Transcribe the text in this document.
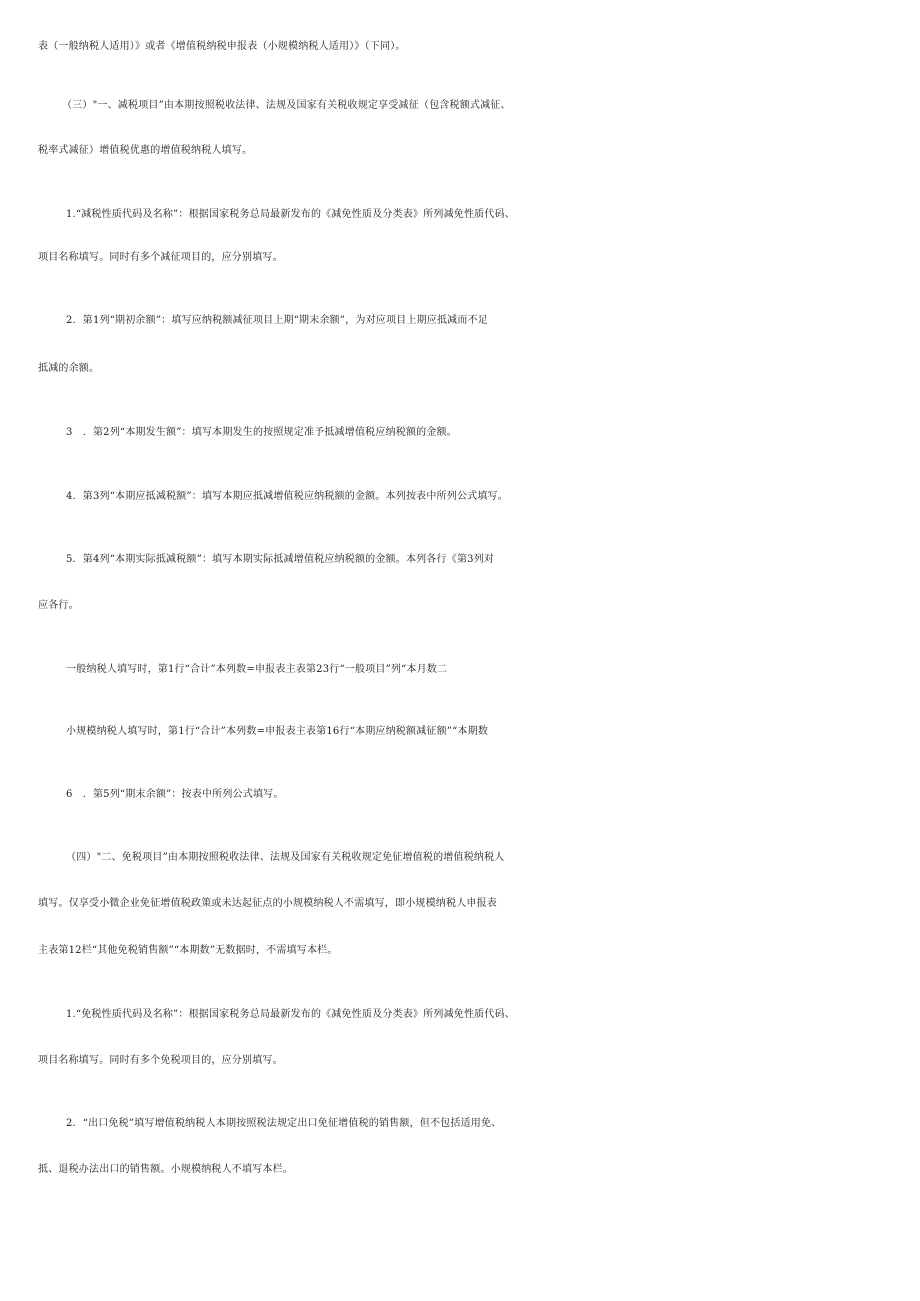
表（一般纳税人适用）》或者《增值税纳税申报表（小规模纳税人适用）》（下同）。
（三）"一、减税项目”由本期按照税收法律、法规及国家有关税收规定享受减征（包含税额式减征、
税率式减征）增值税优惠的增值税纳税人填写。
1.“减税性质代码及名称”：根据国家税务总局最新发布的《减免性质及分类表》所列减免性质代码、
项目名称填写。同时有多个减征项目的，应分别填写。
2．第1列“期初余额”：填写应纳税额减征项目上期“期末余额”，为对应项目上期应抵减而不足
抵减的余额。
3　．第2列“本期发生额”：填写本期发生的按照规定准予抵减增值税应纳税额的金额。
4．第3列“本期应抵减税额”：填写本期应抵减增值税应纳税额的金额。本列按表中所列公式填写。
5．第4列“本期实际抵减税额”：填写本期实际抵减增值税应纳税额的金额。本列各行《第3列对
应各行。
一般纳税人填写时，第1行“合计”本列数=申报表主表第23行“一般项目”列“本月数二
小规模纳税人填写时，第1行“合计”本列数=申报表主表第16行“本期应纳税额减征额”“本期数
6　．第5列“期末余额”：按表中所列公式填写。
（四）"二、免税项目”由本期按照税收法律、法规及国家有关税收规定免征增值税的增值税纳税人
填写。仅享受小微企业免征增值税政策或未达起征点的小规模纳税人不需填写，即小规模纳税人申报表
主表第12栏“其他免税销售额”“本期数”无数据时，不需填写本栏。
1.“免税性质代码及名称”：根据国家税务总局最新发布的《减免性质及分类表》所列减免性质代码、
项目名称填写。同时有多个免税项目的，应分别填写。
2．“出口免税”填写增值税纳税人本期按照税法规定出口免征增值税的销售额，但不包括适用免、
抵、退税办法出口的销售额。小规模纳税人不填写本栏。
